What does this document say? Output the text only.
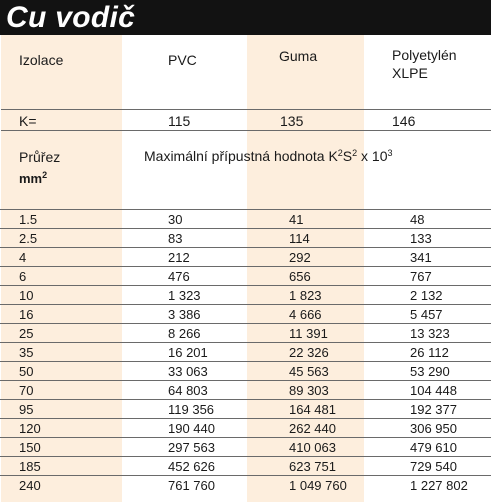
Cu vodič
Izolace	PVC	Guma	Polyetylén
XLPE
K=	115	135	146
Průřez
$mm^2$
Maximální přípustná hodnota $K^2S^2$ x $10^3$
1.5	30	41	48
2.5	83	114	133
4	212	292	341
6	476	656	767
10	1 323	1 823	2 132
16	3 386	4 666	5 457
25	8 266	11 391	13 323
35	16 201	22 326	26 112
50	33 063	45 563	53 290
70	64 803	89 303	104 448
95	119 356	164 481	192 377
120	190 440	262 440	306 950
150	297 563	410 063	479 610
185	452 626	623 751	729 540
240	761 760	1 049 760	1 227 802
